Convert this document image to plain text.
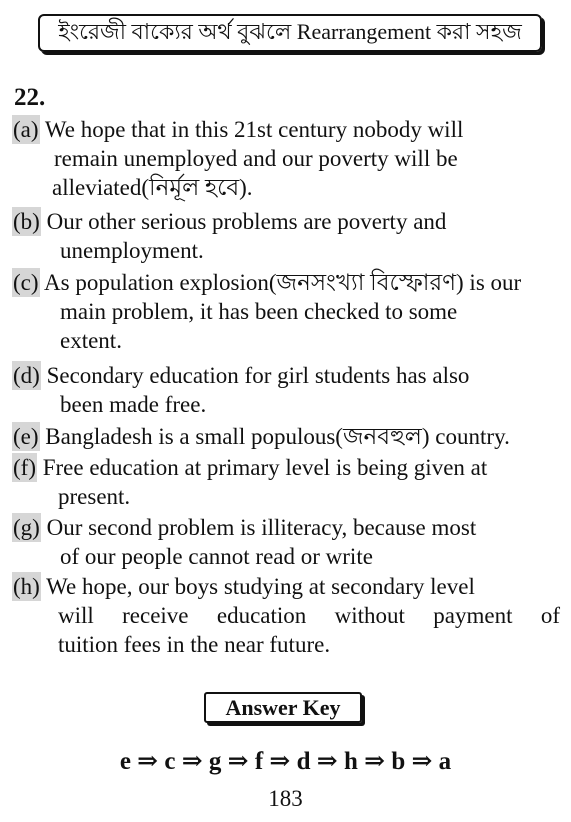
ইংরেজী বাক্যের অর্থ বুঝলে Rearrangement করা সহজ
22.
(a) We hope that in this 21st century nobody will
remain unemployed and our poverty will be
alleviated(নির্মূল হবে).
(b) Our other serious problems are poverty and
unemployment.
(c) As population explosion(জনসংখ্যা বিস্ফোরণ) is our
main problem, it has been checked to some
extent.
(d) Secondary education for girl students has also
been made free.
(e) Bangladesh is a small populous(জনবহুল) country.
(f) Free education at primary level is being given at
present.
(g) Our second problem is illiteracy, because most
of our people cannot read or write
(h) We hope, our boys studying at secondary level
will receive education without payment of
tuition fees in the near future.
Answer Key
e ⇒ c ⇒ g ⇒ f ⇒ d ⇒ h ⇒ b ⇒ a
183
